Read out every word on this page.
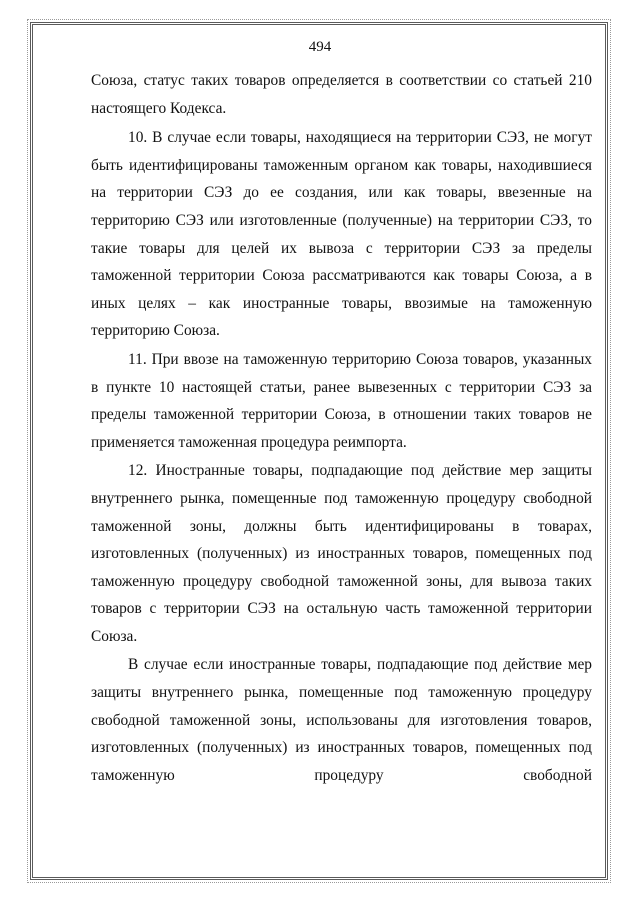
494

Союза, статус таких товаров определяется в соответствии со статьей 210 настоящего Кодекса.

10. В случае если товары, находящиеся на территории СЭЗ, не могут быть идентифицированы таможенным органом как товары, находившиеся на территории СЭЗ до ее создания, или как товары, ввезенные на территорию СЭЗ или изготовленные (полученные) на территории СЭЗ, то такие товары для целей их вывоза с территории СЭЗ за пределы таможенной территории Союза рассматриваются как товары Союза, а в иных целях – как иностранные товары, ввозимые на таможенную территорию Союза.

11. При ввозе на таможенную территорию Союза товаров, указанных в пункте 10 настоящей статьи, ранее вывезенных с территории СЭЗ за пределы таможенной территории Союза, в отношении таких товаров не применяется таможенная процедура реимпорта.

12. Иностранные товары, подпадающие под действие мер защиты внутреннего рынка, помещенные под таможенную процедуру свободной таможенной зоны, должны быть идентифицированы в товарах, изготовленных (полученных) из иностранных товаров, помещенных под таможенную процедуру свободной таможенной зоны, для вывоза таких товаров с территории СЭЗ на остальную часть таможенной территории Союза.

В случае если иностранные товары, подпадающие под действие мер защиты внутреннего рынка, помещенные под таможенную процедуру свободной таможенной зоны, использованы для изготовления товаров, изготовленных (полученных) из иностранных товаров, помещенных под таможенную процедуру свободной
